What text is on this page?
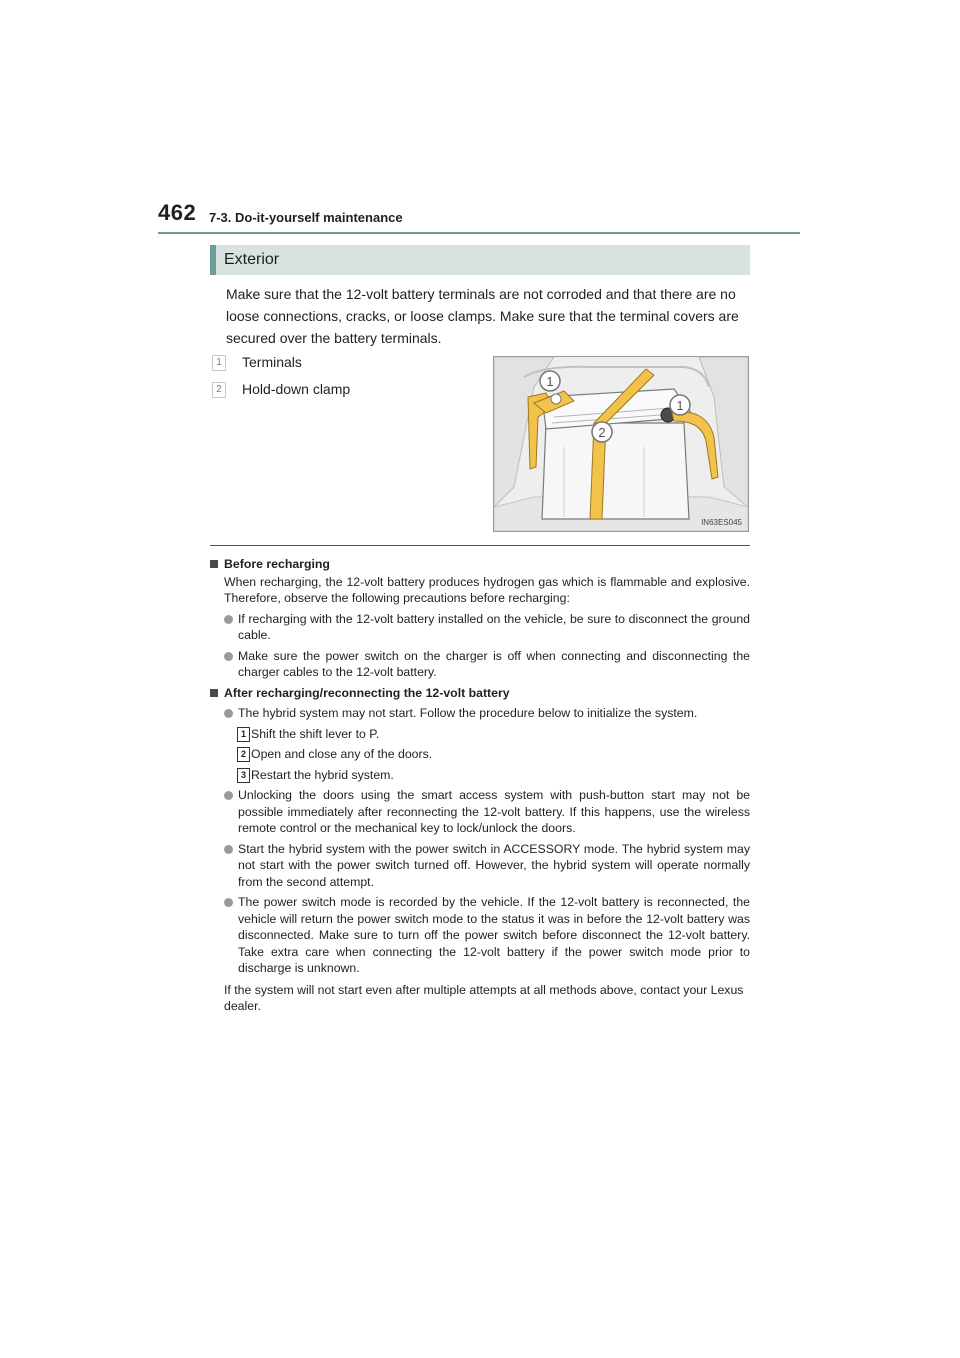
462 7-3. Do-it-yourself maintenance
Exterior
Make sure that the 12-volt battery terminals are not corroded and that there are no loose connections, cracks, or loose clamps. Make sure that the terminal covers are secured over the battery terminals.
1	Terminals
2	Hold-down clamp	1
1
2
IN63ES045
Before recharging
When recharging, the 12-volt battery produces hydrogen gas which is flammable and explosive. Therefore, observe the following precautions before recharging:
If recharging with the 12-volt battery installed on the vehicle, be sure to disconnect the ground cable.
Make sure the power switch on the charger is off when connecting and disconnecting the charger cables to the 12-volt battery.
After recharging/reconnecting the 12-volt battery
The hybrid system may not start. Follow the procedure below to initialize the system.
1 Shift the shift lever to P.
2 Open and close any of the doors.
3 Restart the hybrid system.
Unlocking the doors using the smart access system with push-button start may not be possible immediately after reconnecting the 12-volt battery. If this happens, use the wireless remote control or the mechanical key to lock/unlock the doors.
Start the hybrid system with the power switch in ACCESSORY mode. The hybrid system may not start with the power switch turned off. However, the hybrid system will operate normally from the second attempt.
The power switch mode is recorded by the vehicle. If the 12-volt battery is reconnected, the vehicle will return the power switch mode to the status it was in before the 12-volt battery was disconnected. Make sure to turn off the power switch before disconnect the 12-volt battery. Take extra care when connecting the 12-volt battery if the power switch mode prior to discharge is unknown.
If the system will not start even after multiple attempts at all methods above, contact your Lexus dealer.
